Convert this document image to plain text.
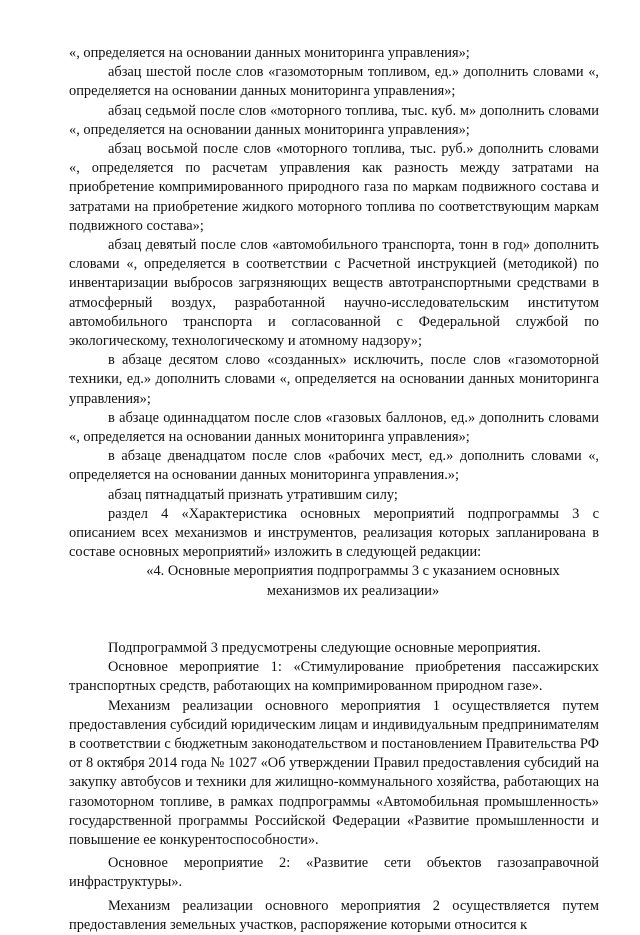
«, определяется на основании данных мониторинга управления»;

абзац шестой после слов «газомоторным топливом, ед.» дополнить словами «, определяется на основании данных мониторинга управления»;

абзац седьмой после слов «моторного топлива, тыс. куб. м» дополнить словами «, определяется на основании данных мониторинга управления»;

абзац восьмой после слов «моторного топлива, тыс. руб.» дополнить словами «, определяется по расчетам управления как разность между затратами на приобретение компримированного природного газа по маркам подвижного состава и затратами на приобретение жидкого моторного топлива по соответствующим маркам подвижного состава»;

абзац девятый после слов «автомобильного транспорта, тонн в год» дополнить словами «, определяется в соответствии с Расчетной инструкцией (методикой) по инвентаризации выбросов загрязняющих веществ автотранспортными средствами в атмосферный воздух, разработанной научно-исследовательским институтом автомобильного транспорта и согласованной с Федеральной службой по экологическому, технологическому и атомному надзору»;

в абзаце десятом слово «созданных» исключить, после слов «газомоторной техники, ед.» дополнить словами «, определяется на основании данных мониторинга управления»;

в абзаце одиннадцатом после слов «газовых баллонов, ед.» дополнить словами «, определяется на основании данных мониторинга управления»;

в абзаце двенадцатом после слов «рабочих мест, ед.» дополнить словами «, определяется на основании данных мониторинга управления.»;

абзац пятнадцатый признать утратившим силу;

раздел 4 «Характеристика основных мероприятий подпрограммы 3 с описанием всех механизмов и инструментов, реализация которых запланирована в составе основных мероприятий» изложить в следующей редакции:

«4. Основные мероприятия подпрограммы 3 с указанием основных механизмов их реализации»

Подпрограммой 3 предусмотрены следующие основные мероприятия.

Основное мероприятие 1: «Стимулирование приобретения пассажирских транспортных средств, работающих на компримированном природном газе».

Механизм реализации основного мероприятия 1 осуществляется путем предоставления субсидий юридическим лицам и индивидуальным предпринимателям в соответствии с бюджетным законодательством и постановлением Правительства РФ от 8 октября 2014 года № 1027 «Об утверждении Правил предоставления субсидий на закупку автобусов и техники для жилищно-коммунального хозяйства, работающих на газомоторном топливе, в рамках подпрограммы «Автомобильная промышленность» государственной программы Российской Федерации «Развитие промышленности и повышение ее конкурентоспособности».

Основное мероприятие 2: «Развитие сети объектов газозаправочной инфраструктуры».

Механизм реализации основного мероприятия 2 осуществляется путем предоставления земельных участков, распоряжение которыми относится к
